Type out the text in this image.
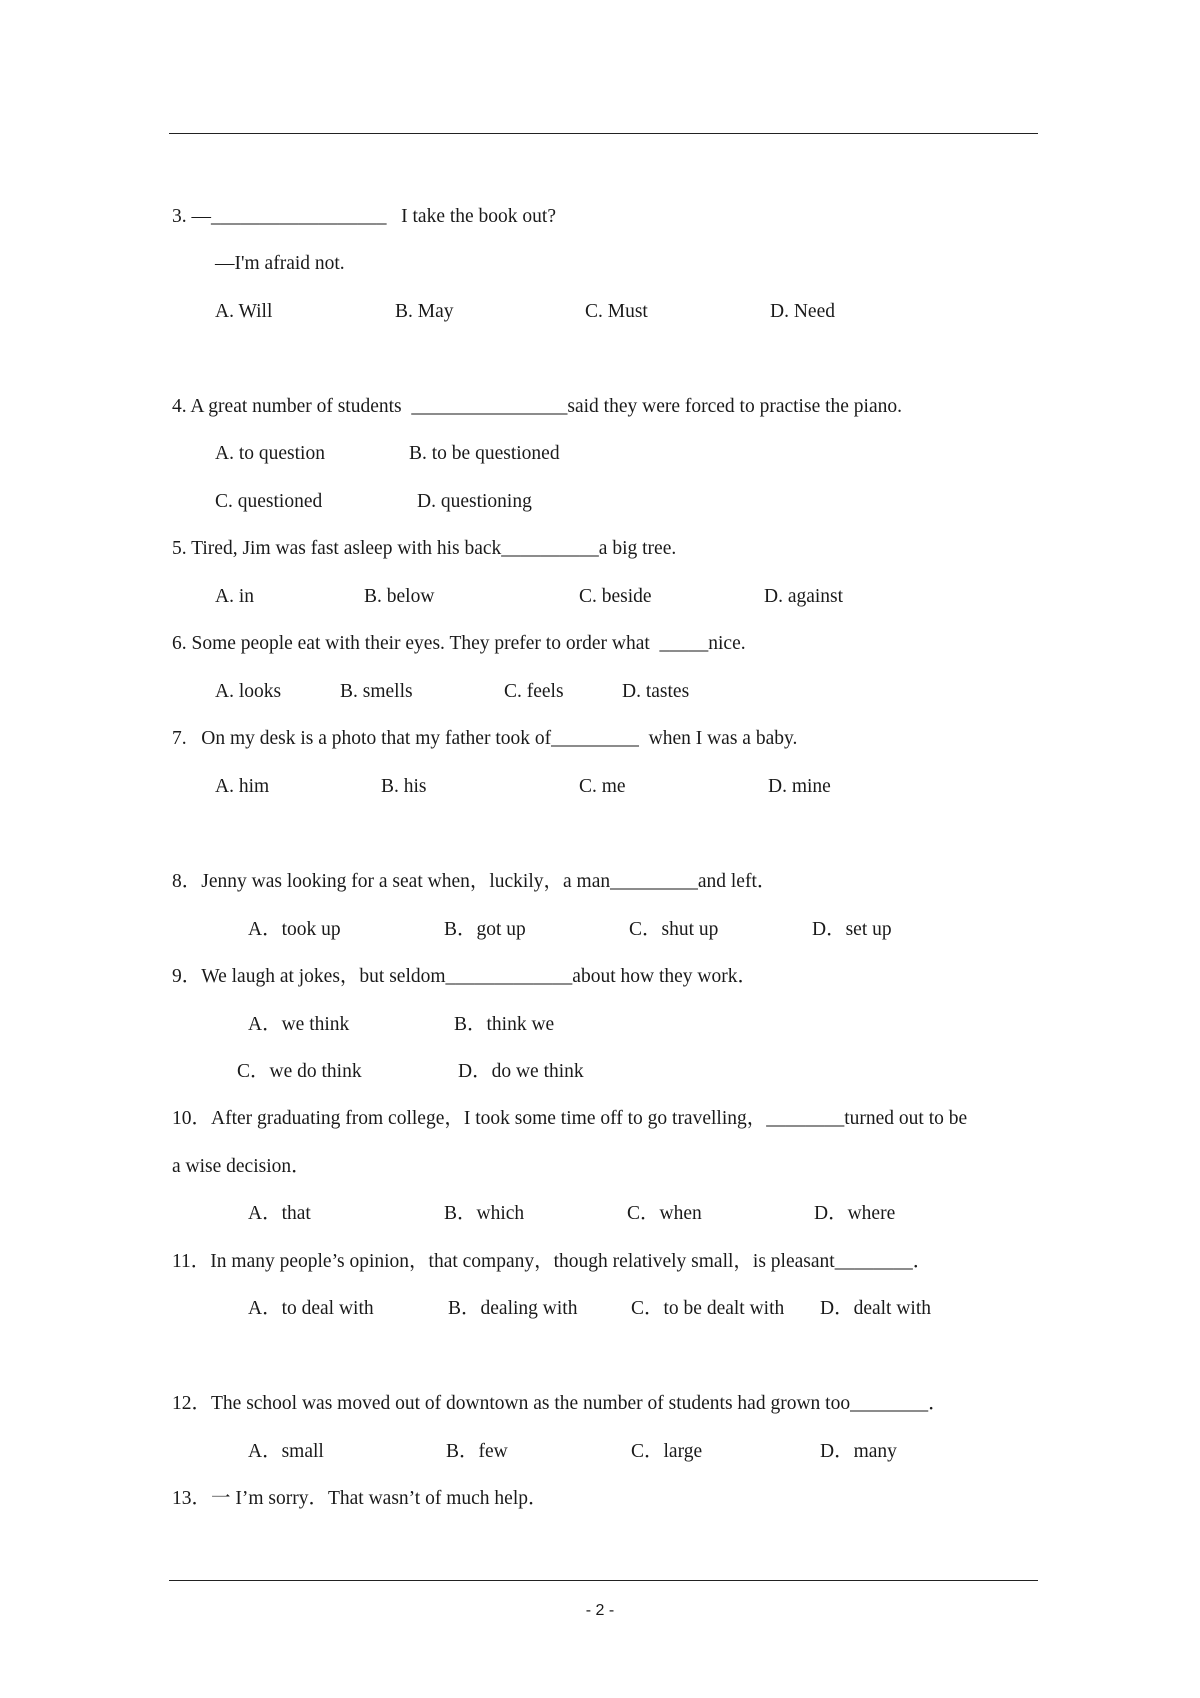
3. —__________________   I take the book out?
—I'm afraid not.
A. Will	B. May	C. Must	D. Need
4. A great number of students  ________________said they were forced to practise the piano.
A. to question	B. to be questioned
C. questioned	D. questioning
5. Tired, Jim was fast asleep with his back__________a big tree.
A. in	B. below	C. beside	D. against
6. Some people eat with their eyes. They prefer to order what  _____nice.
A. looks	B. smells	C. feels	D. tastes
7.   On my desk is a photo that my father took of_________  when I was a baby.
A. him	B. his	C. me	D. mine
8．Jenny was looking for a seat when，luckily，a man_________and left．
A．took up	B．got up	C．shut up	D．set up
9．We laugh at jokes，but seldom_____________about how they work．
A．we think	B．think we
C．we do think	D．do we think
10．After graduating from college，I took some time off to go travelling，________turned out to be
a wise decision．
A．that	B．which	C．when	D．where
11．In many people’s opinion，that company，though relatively small，is pleasant________．
A．to deal with	B．dealing with	C．to be dealt with D．dealt with
12．The school was moved out of downtown as the number of students had grown too________．
A．small	B．few	C．large	D．many
13．一 I’m sorry．That wasn’t of much help．
- 2 -
